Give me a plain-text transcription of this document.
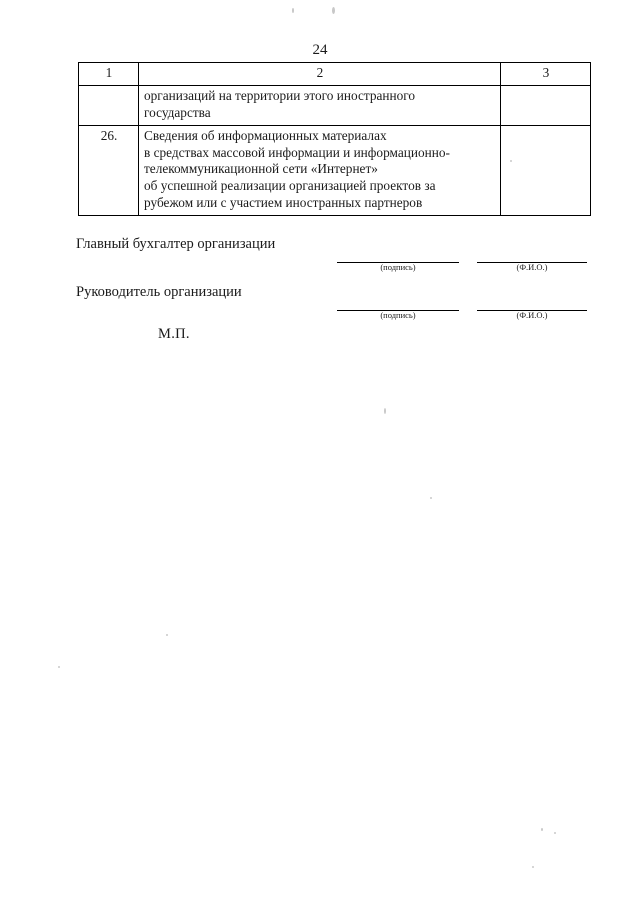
24
1	2	3

	организаций на территории этого иностранного
государства	

26.	Сведения об информационных материалах
в средствах массовой информации и информационно-
телекоммуникационной сети «Интернет»
об успешной реализации организацией проектов за
рубежом или с участием иностранных партнеров	

Главный бухгалтер организации
(подпись)	(Ф.И.О.)
Руководитель организации
(подпись)	(Ф.И.О.)
М.П.
